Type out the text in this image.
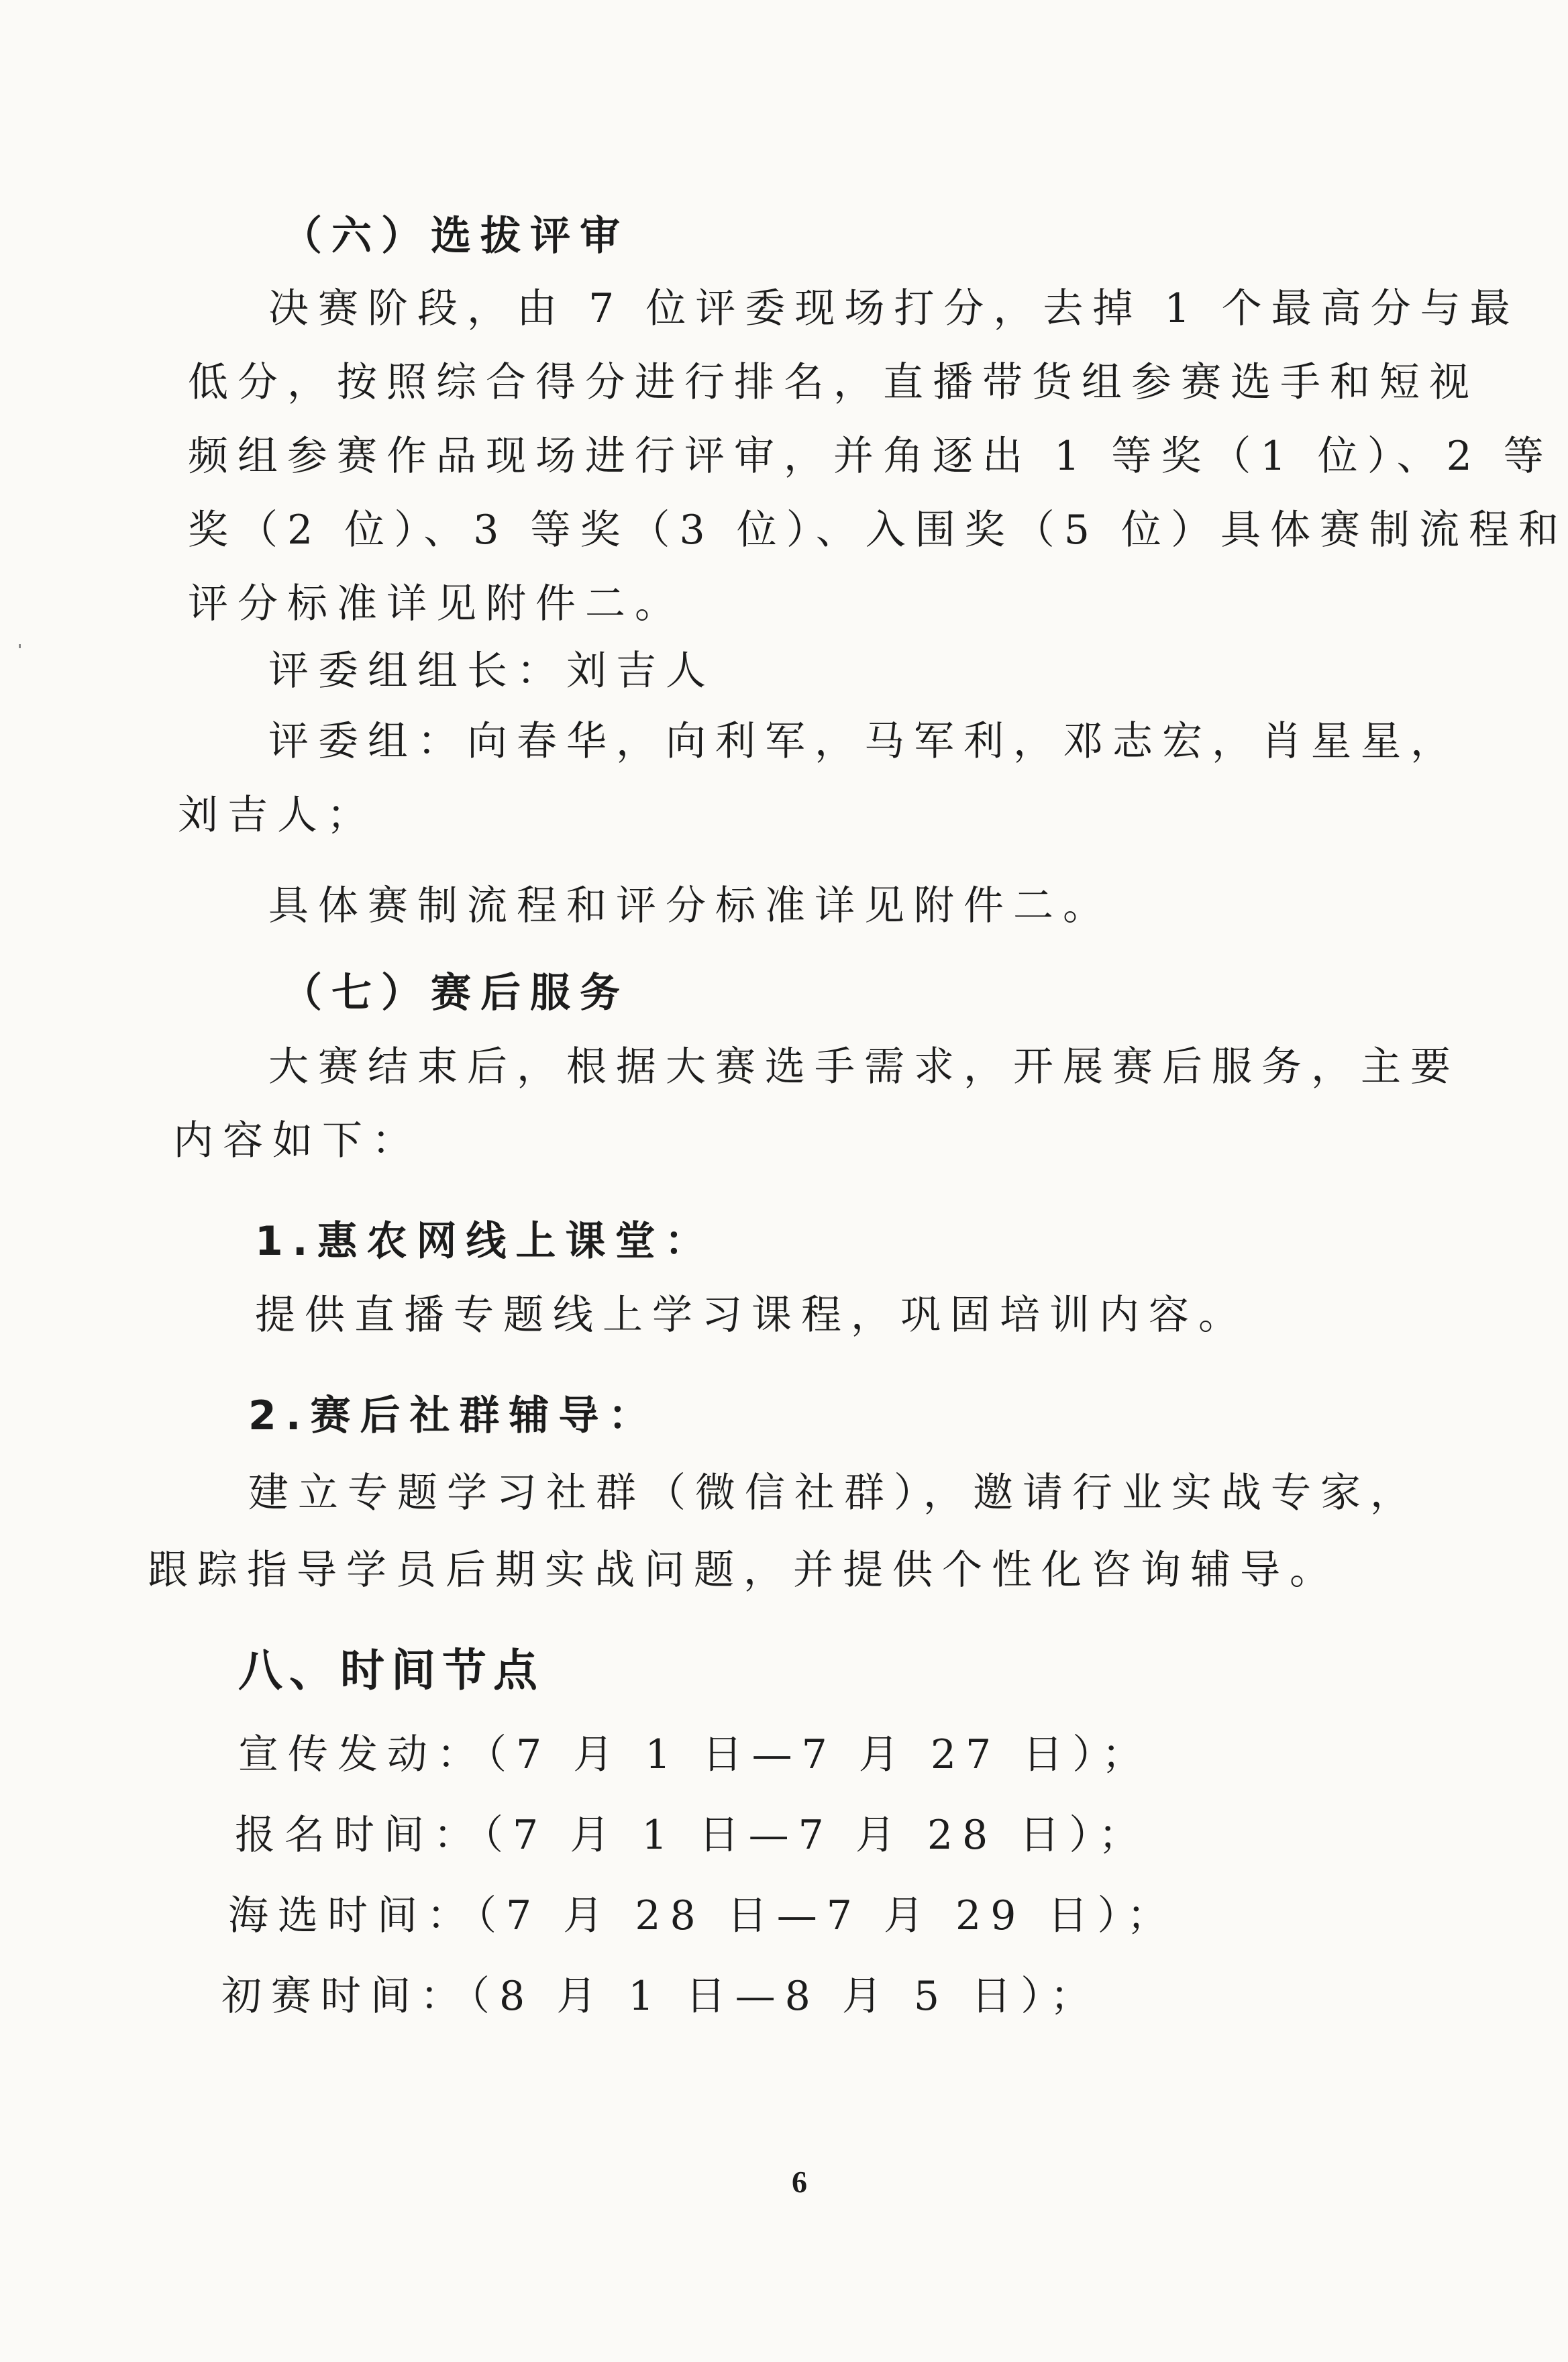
（六）选拔评审
决赛阶段，由 7 位评委现场打分，去掉 1 个最高分与最
低分，按照综合得分进行排名，直播带货组参赛选手和短视
频组参赛作品现场进行评审，并角逐出 1 等奖（1 位）、2 等
奖（2 位）、3 等奖（3 位）、入围奖（5 位）具体赛制流程和
评分标准详见附件二。
评委组组长：刘吉人
评委组：向春华，向利军，马军利，邓志宏，肖星星，
刘吉人；
具体赛制流程和评分标准详见附件二。
（七）赛后服务
大赛结束后，根据大赛选手需求，开展赛后服务，主要
内容如下：
1.惠农网线上课堂：
提供直播专题线上学习课程，巩固培训内容。
2.赛后社群辅导：
建立专题学习社群（微信社群），邀请行业实战专家，
跟踪指导学员后期实战问题，并提供个性化咨询辅导。
八、时间节点
宣传发动：（7 月 1 日—7 月 27 日）；
报名时间：（7 月 1 日—7 月 28 日）；
海选时间：（7 月 28 日—7 月 29 日）；
初赛时间：（8 月 1 日—8 月 5 日）；
6
